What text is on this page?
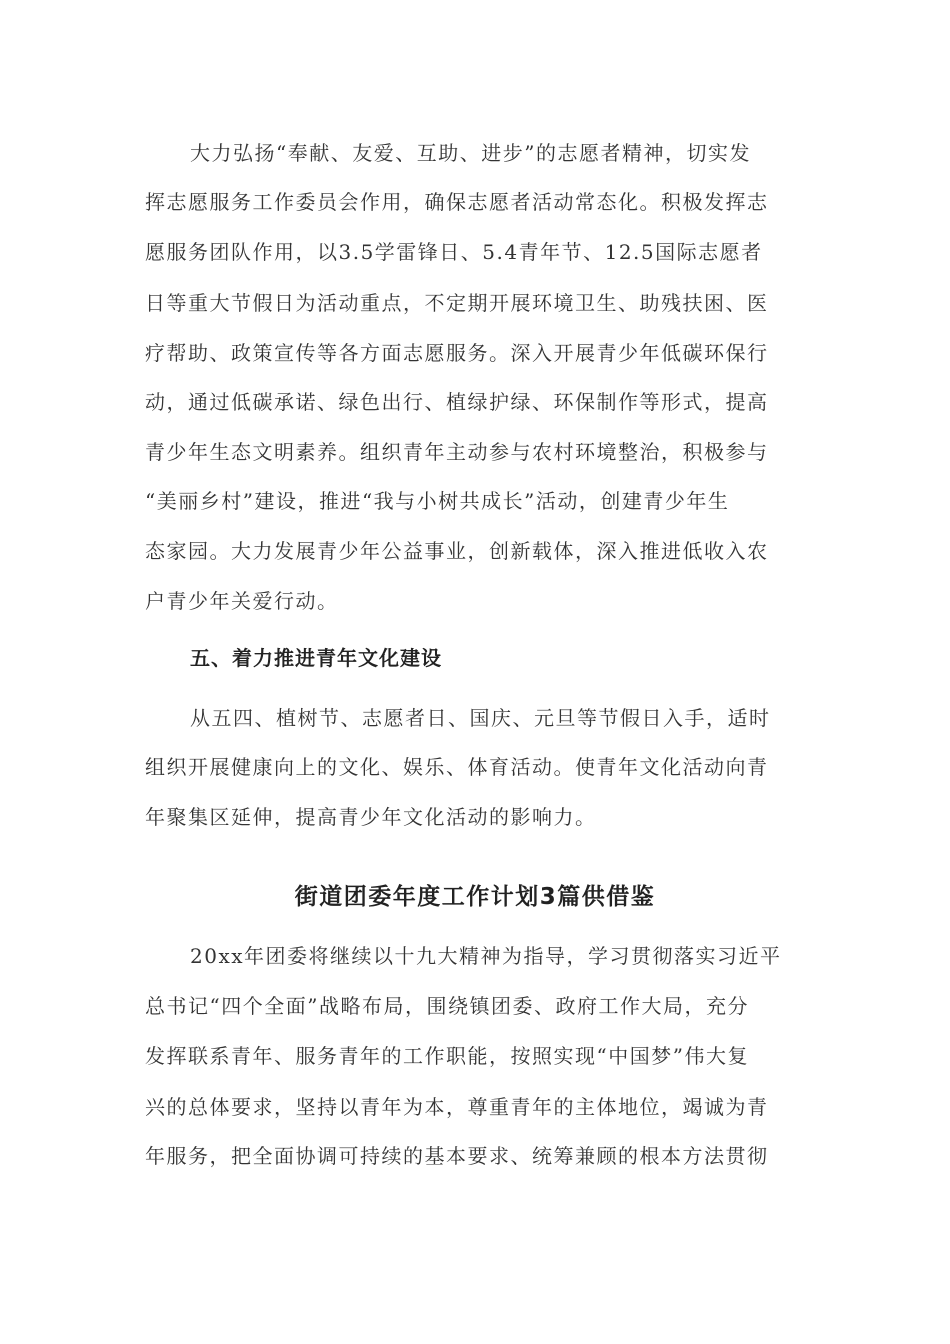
大力弘扬“奉献、友爱、互助、进步”的志愿者精神，切实发
挥志愿服务工作委员会作用，确保志愿者活动常态化。积极发挥志
愿服务团队作用，以3.5学雷锋日、5.4青年节、12.5国际志愿者
日等重大节假日为活动重点，不定期开展环境卫生、助残扶困、医
疗帮助、政策宣传等各方面志愿服务。深入开展青少年低碳环保行
动，通过低碳承诺、绿色出行、植绿护绿、环保制作等形式，提高
青少年生态文明素养。组织青年主动参与农村环境整治，积极参与
“美丽乡村”建设，推进“我与小树共成长”活动，创建青少年生
态家园。大力发展青少年公益事业，创新载体，深入推进低收入农
户青少年关爱行动。
五、着力推进青年文化建设
从五四、植树节、志愿者日、国庆、元旦等节假日入手，适时
组织开展健康向上的文化、娱乐、体育活动。使青年文化活动向青
年聚集区延伸，提高青少年文化活动的影响力。
街道团委年度工作计划3篇供借鉴
20xx年团委将继续以十九大精神为指导，学习贯彻落实习近平
总书记“四个全面”战略布局，围绕镇团委、政府工作大局，充分
发挥联系青年、服务青年的工作职能，按照实现“中国梦”伟大复
兴的总体要求，坚持以青年为本，尊重青年的主体地位，竭诚为青
年服务，把全面协调可持续的基本要求、统筹兼顾的根本方法贯彻
